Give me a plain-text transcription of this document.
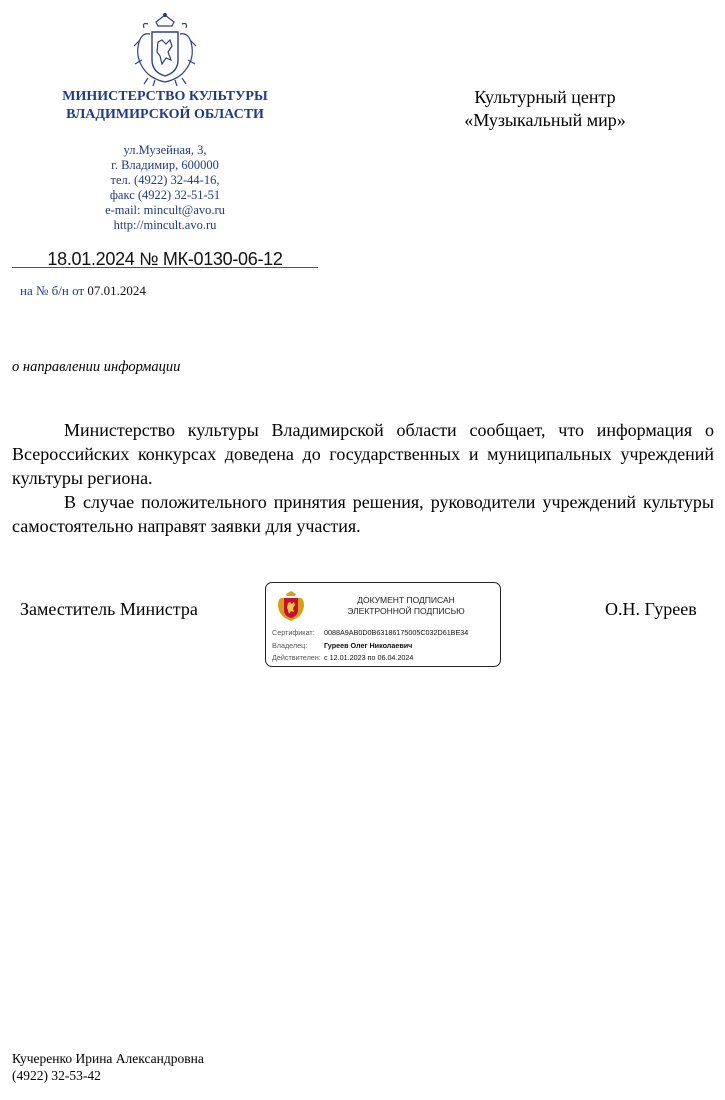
МИНИСТЕРСТВО КУЛЬТУРЫ
ВЛАДИМИРСКОЙ ОБЛАСТИ
ул.Музейная, 3,
г. Владимир, 600000
тел. (4922) 32-44-16,
факс (4922) 32-51-51
e-mail: mincult@avo.ru
http://mincult.avo.ru
Культурный центр
«Музыкальный мир»
18.01.2024 № МК-0130-06-12
на № б/н от 07.01.2024
о направлении информации

Министерство культуры Владимирской области сообщает, что информация о Всероссийских конкурсах доведена до государственных и муниципальных учреждений культуры региона.

В случае положительного принятия решения, руководители учреждений культуры самостоятельно направят заявки для участия.

Заместитель Министра	ДОКУМЕНТ ПОДПИСАН
ЭЛЕКТРОННОЙ ПОДПИСЬЮ
Сертификат: 0088A9AB0D0B63186175005C032D61BE34
Владелец: Гуреев Олег Николаевич
Действителен: с 12.01.2023 по 06.04.2024
О.Н. Гуреев
Кучеренко Ирина Александровна
(4922) 32-53-42
